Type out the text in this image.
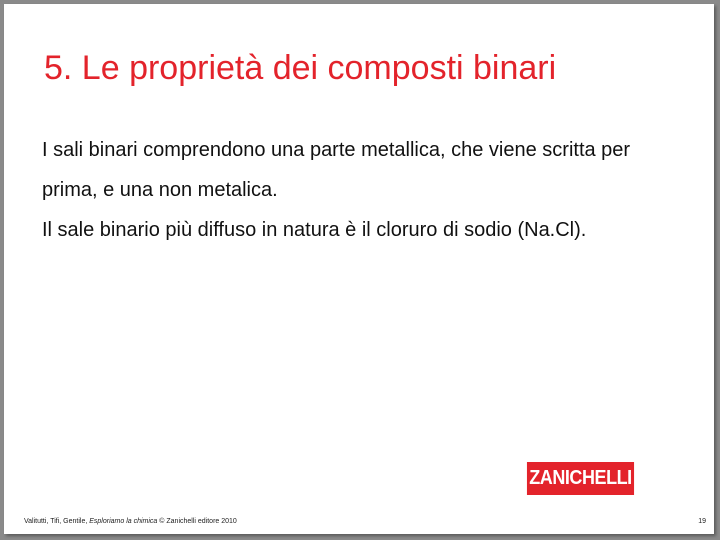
5. Le proprietà dei composti binari

I sali binari comprendono una parte metallica, che viene scritta per prima, e una non metalica.

Il sale binario più diffuso in natura è il cloruro di sodio (Na.Cl).

ZANICHELLI
Valitutti, Tifi, Gentile, Esploriamo la chimica © Zanichelli editore 2010	19
